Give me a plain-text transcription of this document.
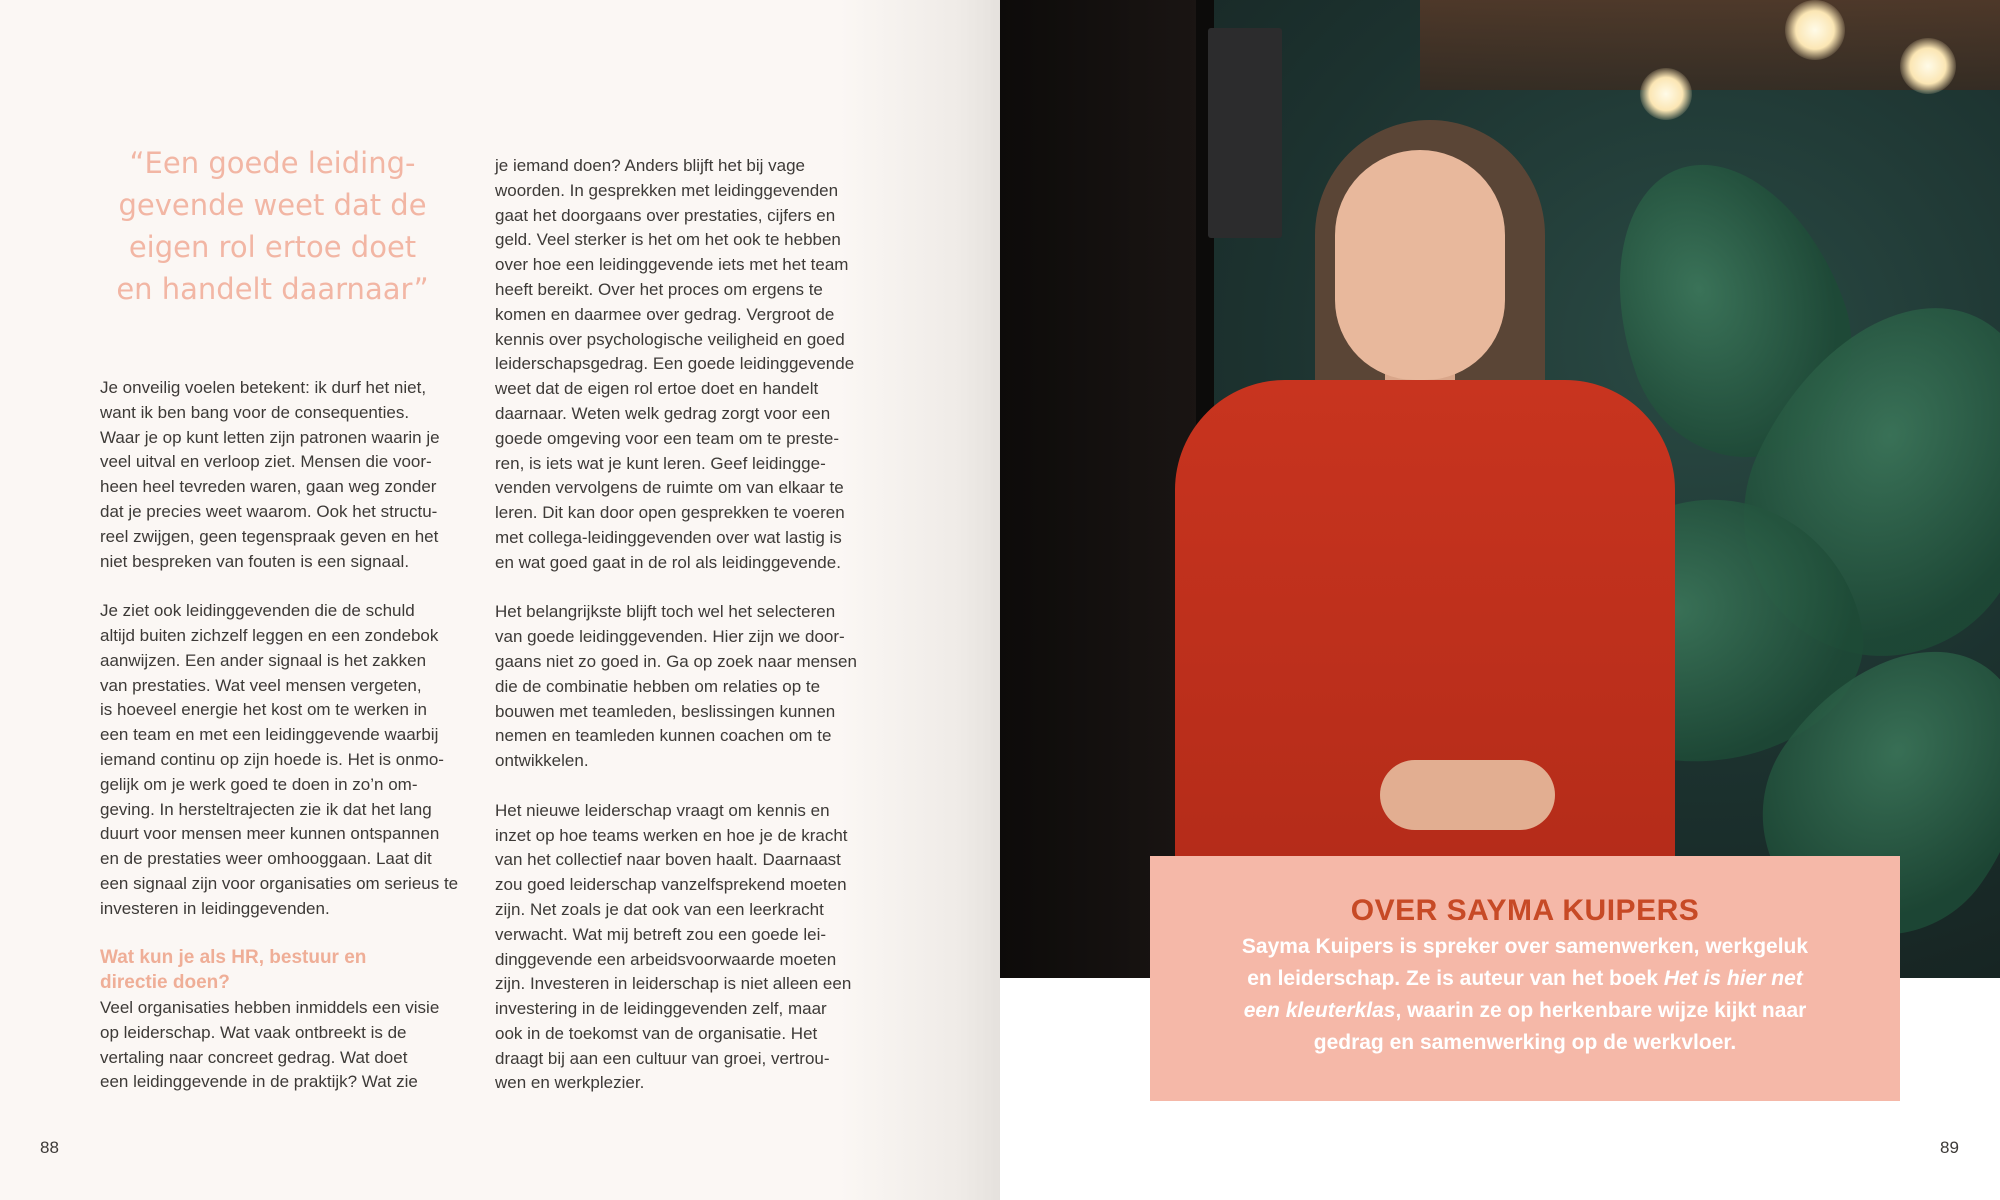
“Een goede leiding-
gevende weet dat de
eigen rol ertoe doet
en handelt daarnaar”
Je onveilig voelen betekent: ik durf het niet,
want ik ben bang voor de consequenties.
Waar je op kunt letten zijn patronen waarin je
veel uitval en verloop ziet. Mensen die voor-
heen heel tevreden waren, gaan weg zonder
dat je precies weet waarom. Ook het structu-
reel zwijgen, geen tegenspraak geven en het
niet bespreken van fouten is een signaal.
Je ziet ook leidinggevenden die de schuld
altijd buiten zichzelf leggen en een zondebok
aanwijzen. Een ander signaal is het zakken
van prestaties. Wat veel mensen vergeten,
is hoeveel energie het kost om te werken in
een team en met een leidinggevende waarbij
iemand continu op zijn hoede is. Het is onmo-
gelijk om je werk goed te doen in zo’n om-
geving. In hersteltrajecten zie ik dat het lang
duurt voor mensen meer kunnen ontspannen
en de prestaties weer omhooggaan. Laat dit
een signaal zijn voor organisaties om serieus te
investeren in leidinggevenden.
Wat kun je als HR, bestuur en
directie doen?
Veel organisaties hebben inmiddels een visie
op leiderschap. Wat vaak ontbreekt is de
vertaling naar concreet gedrag. Wat doet
een leidinggevende in de praktijk? Wat zie
je iemand doen? Anders blijft het bij vage
woorden. In gesprekken met leidinggevenden
gaat het doorgaans over prestaties, cijfers en
geld. Veel sterker is het om het ook te hebben
over hoe een leidinggevende iets met het team
heeft bereikt. Over het proces om ergens te
komen en daarmee over gedrag. Vergroot de
kennis over psychologische veiligheid en goed
leiderschapsgedrag. Een goede leidinggevende
weet dat de eigen rol ertoe doet en handelt
daarnaar. Weten welk gedrag zorgt voor een
goede omgeving voor een team om te preste-
ren, is iets wat je kunt leren. Geef leidingge-
venden vervolgens de ruimte om van elkaar te
leren. Dit kan door open gesprekken te voeren
met collega-leidinggevenden over wat lastig is
en wat goed gaat in de rol als leidinggevende.
Het belangrijkste blijft toch wel het selecteren
van goede leidinggevenden. Hier zijn we door-
gaans niet zo goed in. Ga op zoek naar mensen
die de combinatie hebben om relaties op te
bouwen met teamleden, beslissingen kunnen
nemen en teamleden kunnen coachen om te
ontwikkelen.
Het nieuwe leiderschap vraagt om kennis en
inzet op hoe teams werken en hoe je de kracht
van het collectief naar boven haalt. Daarnaast
zou goed leiderschap vanzelfsprekend moeten
zijn. Net zoals je dat ook van een leerkracht
verwacht. Wat mij betreft zou een goede lei-
dinggevende een arbeidsvoorwaarde moeten
zijn. Investeren in leiderschap is niet alleen een
investering in de leidinggevenden zelf, maar
ook in de toekomst van de organisatie. Het
draagt bij aan een cultuur van groei, vertrou-
wen en werkplezier.
88
OVER SAYMA KUIPERS
Sayma Kuipers is spreker over samenwerken, werkgeluk
en leiderschap. Ze is auteur van het boek Het is hier net
een kleuterklas, waarin ze op herkenbare wijze kijkt naar
gedrag en samenwerking op de werkvloer.
89
